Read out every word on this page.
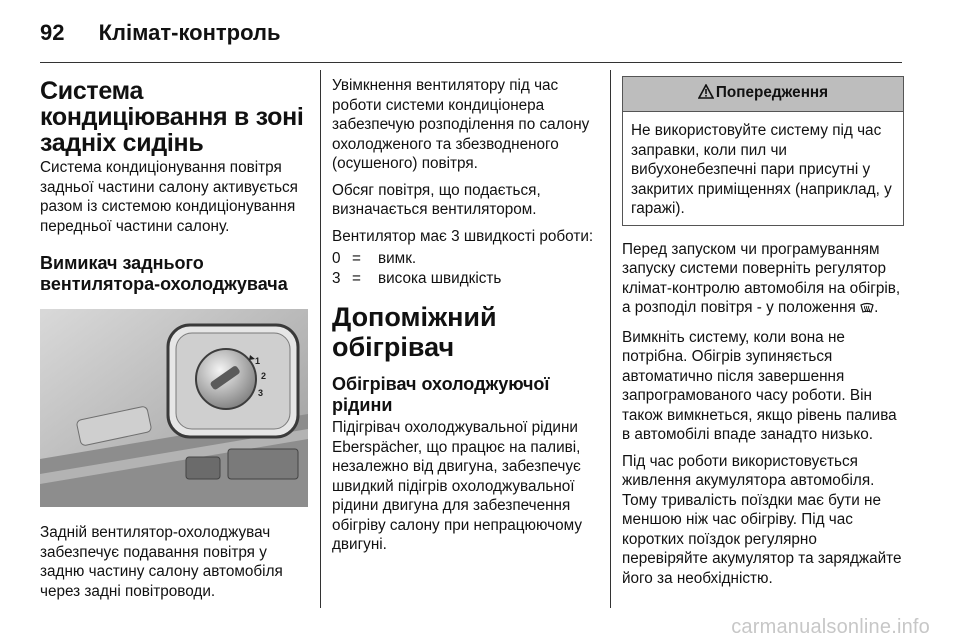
92 Клімат-контроль
Система кондиціювання в зоні задніх сидінь

Система кондиціонування повітря задньої частини салону активується разом із системою кондиціонування передньої частини салону.

Вимикач заднього вентилятора-охолоджувача
1
2
3

Задній вентилятор-охолоджувач забезпечує подавання повітря у задню частину салону автомобіля через задні повітроводи.

Увімкнення вентилятору під час роботи системи кондиціонера забезпечую розподілення по салону охолодженого та збезводненого (осушеного) повітря.

Обсяг повітря, що подається, визначається вентилятором.

Вентилятор має 3 швидкості роботи:

0 =	вимк.
3 =	висока швидкість
Допоміжний обігрівач
Обігрівач охолоджуючої рідини

Підігрівач охолоджувальної рідини Eberspächer, що працює на паливі, незалежно від двигуна, забезпечує швидкий підігрів охолоджувальної рідини двигуна для забезпечення обігріву салону при непрацюючому двигуні.

Попередження

Не використовуйте систему під час заправки, коли пил чи вибухонебезпечні пари присутні у закритих приміщеннях (наприклад, у гаражі).

Перед запуском чи програмуванням запуску системи поверніть регулятор клімат-контролю автомобіля на обігрів, а розподіл повітря - у положення .

Вимкніть систему, коли вона не потрібна. Обігрів зупиняється автоматично після завершення запрограмованого часу роботи. Він також вимкнеться, якщо рівень палива в автомобілі впаде занадто низько.

Під час роботи використовується живлення акумулятора автомобіля. Тому тривалість поїздки має бути не меншою ніж час обігріву. Під час коротких поїздок регулярно перевіряйте акумулятор та заряджайте його за необхідністю.

carmanualsonline.info
